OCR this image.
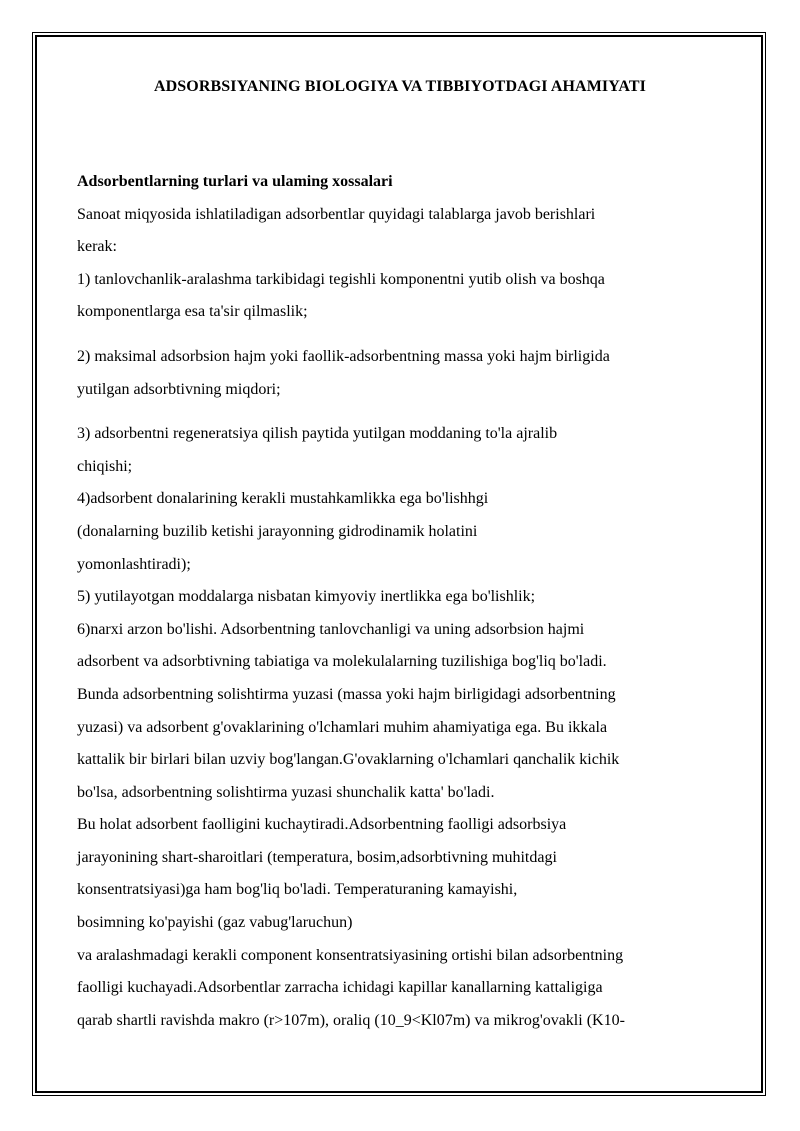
ADSORBSIYANING BIOLOGIYA VA TIBBIYOTDAGI AHAMIYATI

Adsorbentlarning turlari va ulaming xossalari

Sanoat miqyosida ishlatiladigan adsorbentlar quyidagi talablarga javob berishlari

kerak:

1) tanlovchanlik-aralashma tarkibidagi tegishli komponentni yutib olish va boshqa

komponentlarga esa ta'sir qilmaslik;

2) maksimal adsorbsion hajm yoki faollik-adsorbentning massa yoki hajm birligida

yutilgan adsorbtivning miqdori;

3) adsorbentni regeneratsiya qilish paytida yutilgan moddaning to'la ajralib

chiqishi;

4)adsorbent donalarining kerakli mustahkamlikka ega bo'lishhgi

(donalarning buzilib ketishi jarayonning gidrodinamik holatini

yomonlashtiradi);

5) yutilayotgan moddalarga nisbatan kimyoviy inertlikka ega bo'lishlik;

6)narxi arzon bo'lishi. Adsorbentning tanlovchanligi va uning adsorbsion hajmi

adsorbent va adsorbtivning tabiatiga va molekulalarning tuzilishiga bog'liq bo'ladi.

Bunda adsorbentning solishtirma yuzasi (massa yoki hajm birligidagi adsorbentning

yuzasi) va adsorbent g'ovaklarining o'lchamlari muhim ahamiyatiga ega. Bu ikkala

kattalik bir birlari bilan uzviy bog'langan.G'ovaklarning o'lchamlari qanchalik kichik

bo'lsa, adsorbentning solishtirma yuzasi shunchalik katta' bo'ladi.

Bu holat adsorbent faolligini kuchaytiradi.Adsorbentning faolligi adsorbsiya

jarayonining shart-sharoitlari (temperatura, bosim,adsorbtivning muhitdagi

konsentratsiyasi)ga ham bog'liq bo'ladi. Temperaturaning kamayishi,

bosimning ko'payishi (gaz vabug'laruchun)

va aralashmadagi kerakli component konsentratsiyasining ortishi bilan adsorbentning

faolligi kuchayadi.Adsorbentlar zarracha ichidagi kapillar kanallarning kattaligiga

qarab shartli ravishda makro (r>107m), oraliq (10_9<Kl07m) va mikrog'ovakli (K10-
